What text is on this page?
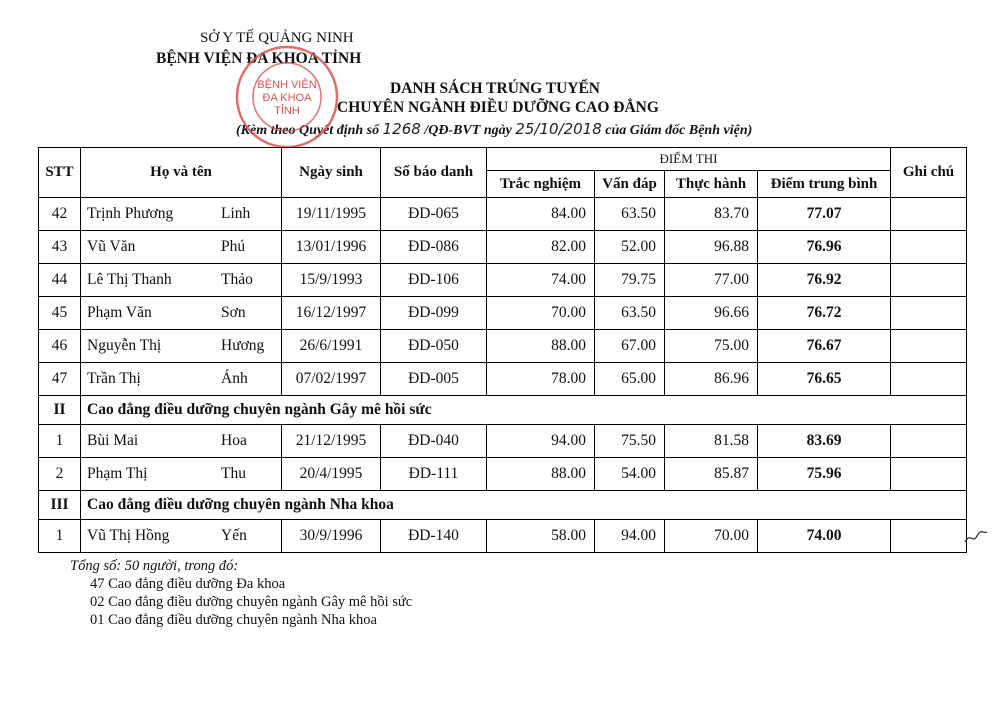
SỞ Y TẾ QUẢNG NINH
BỆNH VIỆN ĐA KHOA TỈNH
DANH SÁCH TRÚNG TUYỂN
CHUYÊN NGÀNH ĐIỀU DƯỠNG CAO ĐẲNG
(Kèm theo Quyết định số 1268 /QĐ-BVT ngày 25/10/2018 của Giám đốc Bệnh viện)
BỆNH VIỆN
ĐA KHOA
TỈNH
STT	Họ và tên	Ngày sinh	Số báo danh	ĐIỂM THI				Ghi chú
				Trắc nghiệm	Vấn đáp	Thực hành	Điểm trung bình	
42	Trịnh Phương Linh	19/11/1995	ĐD-065	84.00	63.50	83.70	77.07	
43	Vũ Văn Phú	13/01/1996	ĐD-086	82.00	52.00	96.88	76.96	
44	Lê Thị Thanh Thảo	15/9/1993	ĐD-106	74.00	79.75	77.00	76.92	
45	Phạm Văn Sơn	16/12/1997	ĐD-099	70.00	63.50	96.66	76.72	
46	Nguyễn Thị Hương	26/6/1991	ĐD-050	88.00	67.00	75.00	76.67	
47	Trần Thị Ánh	07/02/1997	ĐD-005	78.00	65.00	86.96	76.65	
II	Cao đẳng điều dưỡng chuyên ngành Gây mê hồi sức							
1	Bùi Mai Hoa	21/12/1995	ĐD-040	94.00	75.50	81.58	83.69	
2	Phạm Thị Thu	20/4/1995	ĐD-111	88.00	54.00	85.87	75.96	
III	Cao đẳng điều dưỡng chuyên ngành Nha khoa							
1	Vũ Thị Hồng Yến	30/9/1996	ĐD-140	58.00	94.00	70.00	74.00	
Tổng số: 50 người, trong đó:
47 Cao đẳng điều dưỡng Đa khoa
02 Cao đẳng điều dưỡng chuyên ngành Gây mê hồi sức
01 Cao đẳng điều dưỡng chuyên ngành Nha khoa
